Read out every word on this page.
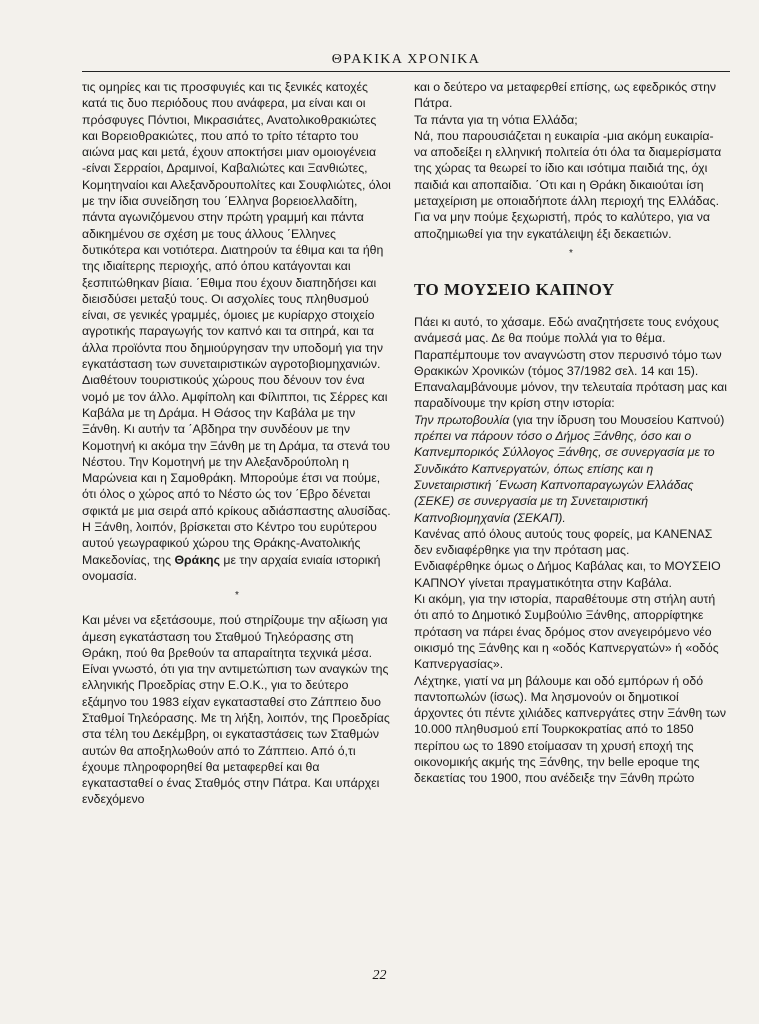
ΘΡΑΚΙΚΑ ΧΡΟΝΙΚΑ

τις ομηρίες και τις προσφυγιές και τις ξενικές κατοχές κατά τις δυο περιόδους που ανάφερα, μα είναι και οι πρόσφυγες Πόντιοι, Μικρασιάτες, Ανατολικοθρακιώτες και Βορειοθρακιώτες, που από το τρίτο τέταρτο του αιώνα μας και μετά, έχουν αποκτήσει μιαν ομοιογένεια -είναι Σερραίοι, Δραμινοί, Καβαλιώτες και Ξανθιώτες, Κομητηναίοι και Αλεξανδρουπολίτες και Σουφλιώτες, όλοι με την ίδια συνείδηση του ΄Ελληνα βορειοελλαδίτη, πάντα αγωνιζόμενου στην πρώτη γραμμή και πάντα αδικημένου σε σχέση με τους άλλους ΄Ελληνες δυτικότερα και νοτιότερα. Διατηρούν τα έθιμα και τα ήθη της ιδιαίτερης περιοχής, από όπου κατάγονται και ξεσπιτώθηκαν βίαια. ΄Εθιμα που έχουν διαπηδήσει και διεισδύσει μεταξύ τους. Οι ασχολίες τους πληθυσμού είναι, σε γενικές γραμμές, όμοιες με κυρίαρχο στοιχείο αγροτικής παραγωγής τον καπνό και τα σιτηρά, και τα άλλα προϊόντα που δημιούργησαν την υποδομή για την εγκατάσταση των συνεταιριστικών αγροτοβιομηχανιών.

Διαθέτουν τουριστικούς χώρους που δένουν τον ένα νομό με τον άλλο. Αμφίπολη και Φίλιπποι, τις Σέρρες και Καβάλα με τη Δράμα. Η Θάσος την Καβάλα με την Ξάνθη. Κι αυτήν τα ΄Αβδηρα την συνδέουν με την Κομοτηνή κι ακόμα την Ξάνθη με τη Δράμα, τα στενά του Νέστου. Την Κομοτηνή με την Αλεξανδρούπολη η Μαρώνεια και η Σαμοθράκη. Μπορούμε έτσι να πούμε, ότι όλος ο χώρος από το Νέστο ώς τον ΄Εβρο δένεται σφικτά με μια σειρά από κρίκους αδιάσπαστης αλυσίδας.

Η Ξάνθη, λοιπόν, βρίσκεται στο Κέντρο του ευρύτερου αυτού γεωγραφικού χώρου της Θράκης-Ανατολικής Μακεδονίας, της Θράκης με την αρχαία ενιαία ιστορική ονομασία.

*

Και μένει να εξετάσουμε, πού στηρίζουμε την αξίωση για άμεση εγκατάσταση του Σταθμού Τηλεόρασης στη Θράκη, πού θα βρεθούν τα απαραίτητα τεχνικά μέσα.

Είναι γνωστό, ότι για την αντιμετώπιση των αναγκών της ελληνικής Προεδρίας στην Ε.Ο.Κ., για το δεύτερο εξάμηνο του 1983 είχαν εγκατασταθεί στο Ζάππειο δυο Σταθμοί Τηλεόρασης. Με τη λήξη, λοιπόν, της Προεδρίας στα τέλη του Δεκέμβρη, οι εγκαταστάσεις των Σταθμών αυτών θα αποξηλωθούν από το Ζάππειο. Από ό,τι έχουμε πληροφορηθεί θα μεταφερθεί και θα εγκατασταθεί ο ένας Σταθμός στην Πάτρα. Και υπάρχει ενδεχόμενο

και ο δεύτερο να μεταφερθεί επίσης, ως εφεδρικός στην Πάτρα.

Τα πάντα για τη νότια Ελλάδα;

Νά, που παρουσιάζεται η ευκαιρία -μια ακόμη ευκαιρία- να αποδείξει η ελληνική πολιτεία ότι όλα τα διαμερίσματα της χώρας τα θεωρεί το ίδιο και ισότιμα παιδιά της, όχι παιδιά και αποπαίδια. ΄Οτι και η Θράκη δικαιούται ίση μεταχείριση με οποιαδήποτε άλλη περιοχή της Ελλάδας. Για να μην πούμε ξεχωριστή, πρός το καλύτερο, για να αποζημιωθεί για την εγκατάλειψη έξι δεκαετιών.

*
ΤΟ ΜΟΥΣΕΙΟ ΚΑΠΝΟΥ

Πάει κι αυτό, το χάσαμε. Εδώ αναζητήσετε τους ενόχους ανάμεσά μας. Δε θα πούμε πολλά για το θέμα. Παραπέμπουμε τον αναγνώστη στον περυσινό τόμο των Θρακικών Χρονικών (τόμος 37/1982 σελ. 14 και 15).

Επαναλαμβάνουμε μόνον, την τελευταία πρόταση μας και παραδίνουμε την κρίση στην ιστορία:

Την πρωτοβουλία (για την ίδρυση του Μουσείου Καπνού) πρέπει να πάρουν τόσο ο Δήμος Ξάνθης, όσο και ο Καπνεμπορικός Σύλλογος Ξάνθης, σε συνεργασία με το Συνδικάτο Καπνεργατών, όπως επίσης και η Συνεταιριστική ΄Ενωση Καπνοπαραγωγών Ελλάδας (ΣΕΚΕ) σε συνεργασία με τη Συνεταιριστική Καπνοβιομηχανία (ΣΕΚΑΠ).

Κανένας από όλους αυτούς τους φορείς, μα ΚΑΝΕΝΑΣ δεν ενδιαφέρθηκε για την πρόταση μας.

Ενδιαφέρθηκε όμως ο Δήμος Καβάλας και, το ΜΟΥΣΕΙΟ ΚΑΠΝΟΥ γίνεται πραγματικότητα στην Καβάλα.

Κι ακόμη, για την ιστορία, παραθέτουμε στη στήλη αυτή ότι από το Δημοτικό Συμβούλιο Ξάνθης, απορρίφτηκε πρόταση να πάρει ένας δρόμος στον ανεγειρόμενο νέο οικισμό της Ξάνθης και η «οδός Καπνεργατών» ή «οδός Καπνεργασίας».

Λέχτηκε, γιατί να μη βάλουμε και οδό εμπόρων ή οδό παντοπωλών (ίσως). Μα λησμονούν οι δημοτικοί άρχοντες ότι πέντε χιλιάδες καπνεργάτες στην Ξάνθη των 10.000 πληθυσμού επί Τουρκοκρατίας από το 1850 περίπου ως το 1890 ετοίμασαν τη χρυσή εποχή της οικονομικής ακμής της Ξάνθης, την belle epoque της δεκαετίας του 1900, που ανέδειξε την Ξάνθη πρώτο

22
